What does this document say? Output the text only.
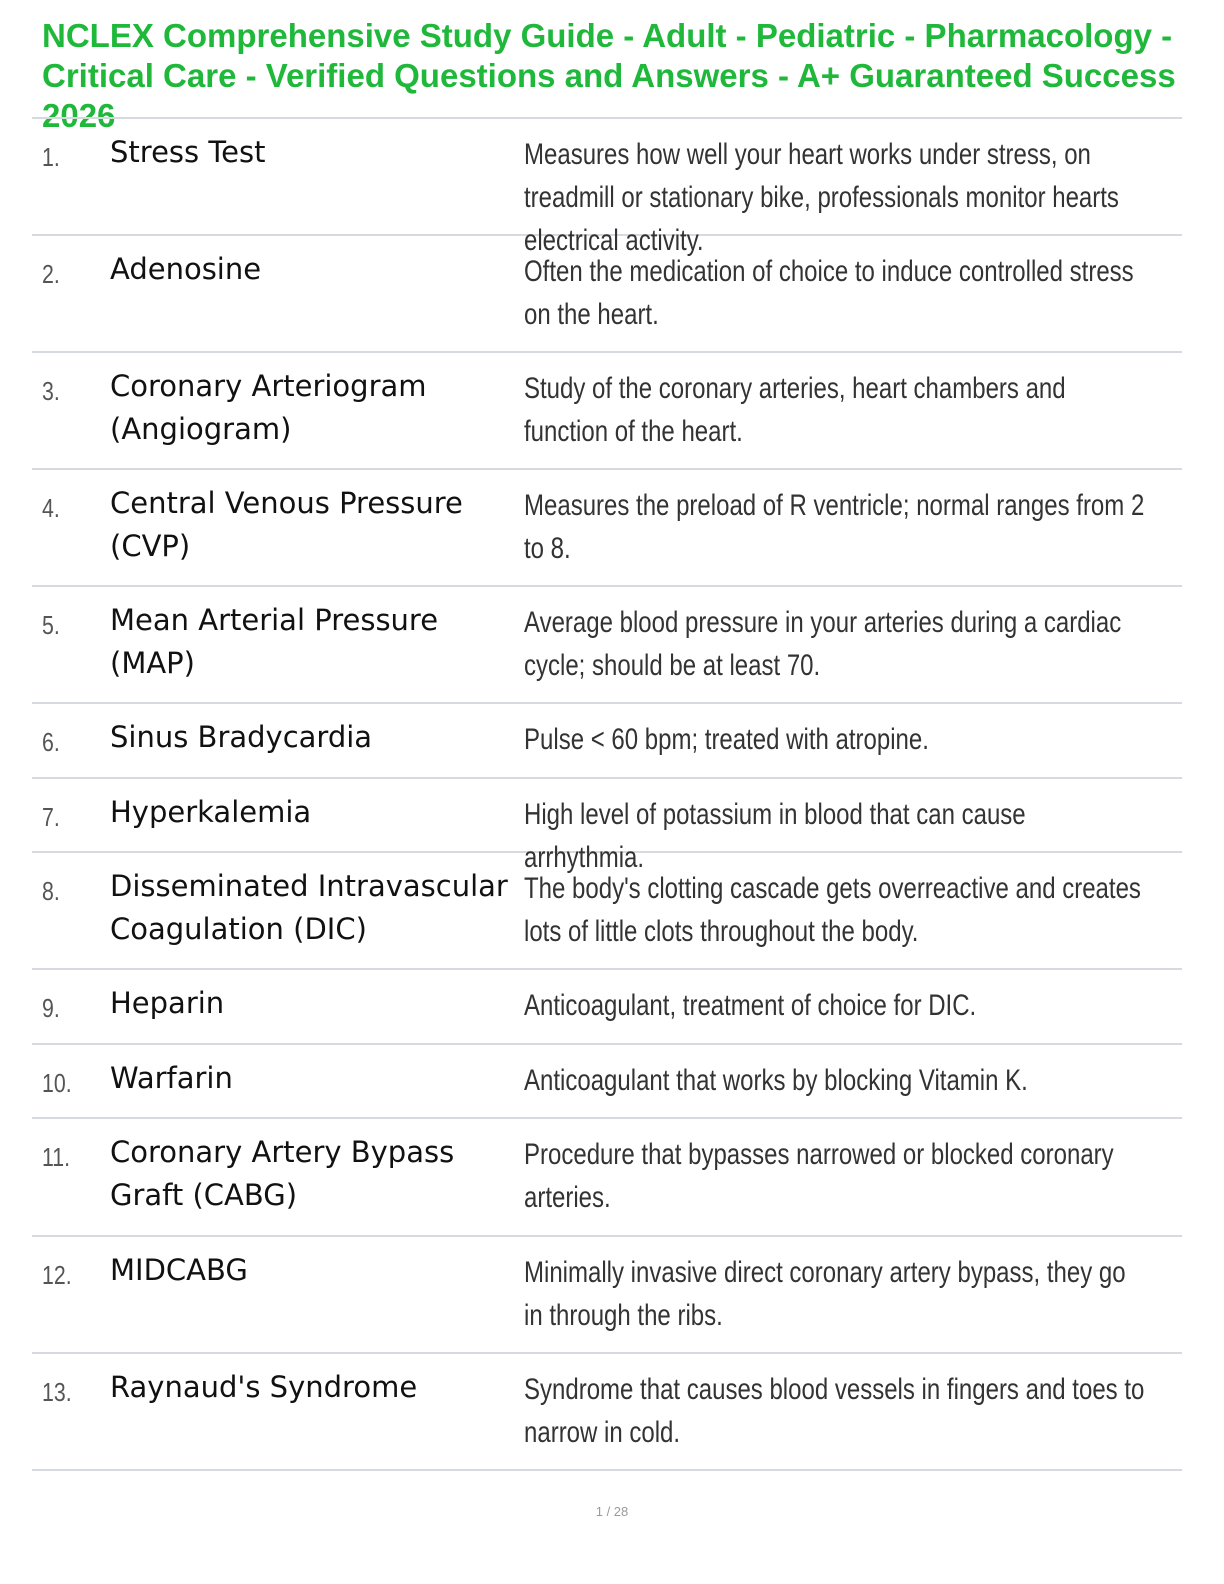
NCLEX Comprehensive Study Guide - Adult - Pediatric - Pharmacology - Critical Care - Verified Questions and Answers - A+ Guaranteed Success 2026
1. Stress Test	Measures how well your heart works under stress, on treadmill or stationary bike, professionals monitor hearts electrical activity.
2. Adenosine	Often the medication of choice to induce controlled stress on the heart.
3. Coronary Arteriogram (Angiogram)
Study of the coronary arteries, heart chambers and function of the heart.
4. Central Venous Pressure (CVP)
Measures the preload of R ventricle; normal ranges from 2 to 8.
5. Mean Arterial Pressure (MAP)
Average blood pressure in your arteries during a cardiac cycle; should be at least 70.
6. Sinus Bradycardia	Pulse < 60 bpm; treated with atropine.
7. Hyperkalemia	High level of potassium in blood that can cause arrhythmia.
8. Disseminated Intravascular Coagulation (DIC)
The body's clotting cascade gets overreactive and creates lots of little clots throughout the body.
9. Heparin	Anticoagulant, treatment of choice for DIC.
10. Warfarin	Anticoagulant that works by blocking Vitamin K.
11. Coronary Artery Bypass Graft (CABG)
Procedure that bypasses narrowed or blocked coronary arteries.
12. MIDCABG	Minimally invasive direct coronary artery bypass, they go in through the ribs.
13. Raynaud's Syndrome	Syndrome that causes blood vessels in fingers and toes to narrow in cold.
1 / 28
